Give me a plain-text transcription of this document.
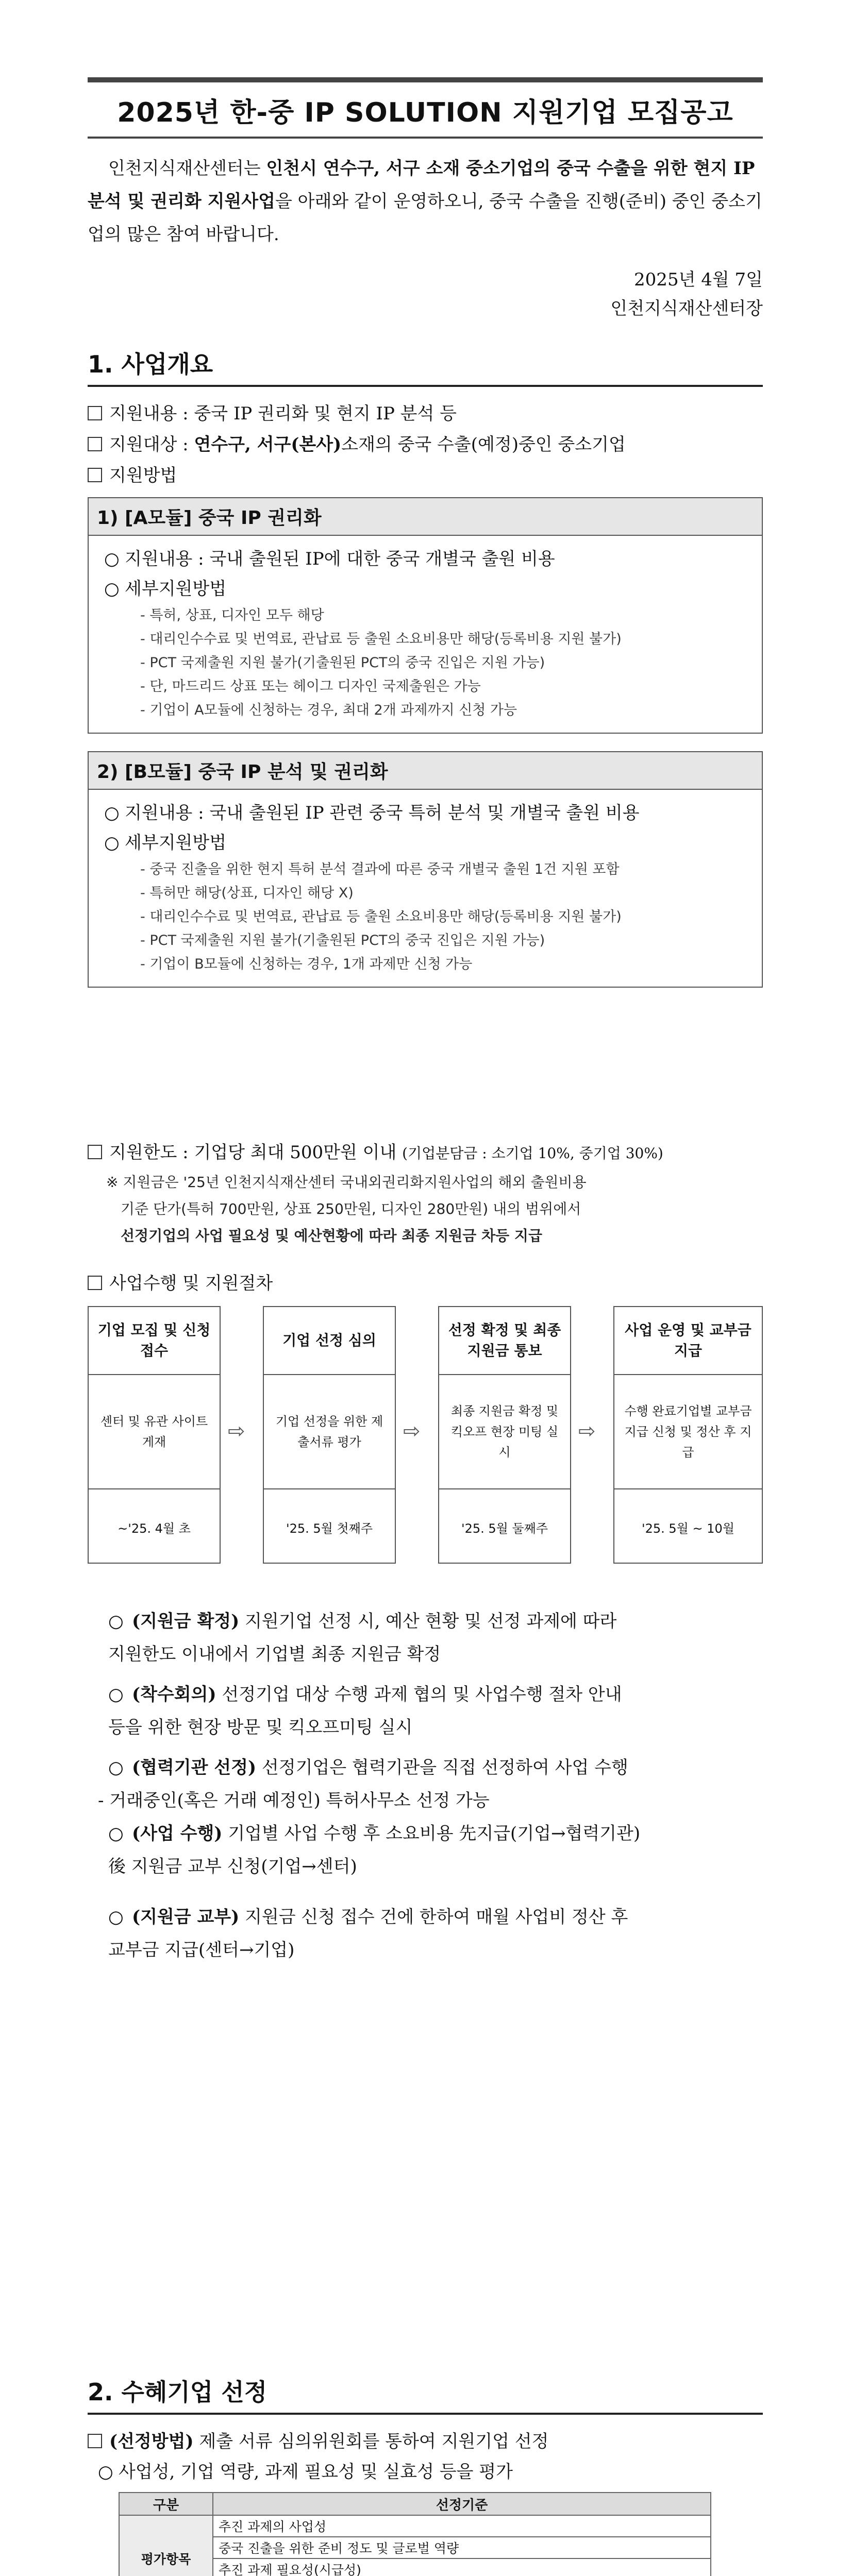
2025년 한-중 IP SOLUTION 지원기업 모집공고
인천지식재산센터는 인천시 연수구, 서구 소재 중소기업의 중국 수출을 위한 현지 IP 분석 및 권리화 지원사업을 아래와 같이 운영하오니, 중국 수출을 진행(준비) 중인 중소기업의 많은 참여 바랍니다.
2025년 4월 7일
인천지식재산센터장
1. 사업개요
지원내용 : 중국 IP 권리화 및 현지 IP 분석 등
지원대상 : 연수구, 서구(본사)소재의 중국 수출(예정)중인 중소기업
지원방법
1) [A모듈] 중국 IP 권리화
○ 지원내용 : 국내 출원된 IP에 대한 중국 개별국 출원 비용
○ 세부지원방법
- 특허, 상표, 디자인 모두 해당
- 대리인수수료 및 번역료, 관납료 등 출원 소요비용만 해당(등록비용 지원 불가)
- PCT 국제출원 지원 불가(기출원된 PCT의 중국 진입은 지원 가능)
- 단, 마드리드 상표 또는 헤이그 디자인 국제출원은 가능
- 기업이 A모듈에 신청하는 경우, 최대 2개 과제까지 신청 가능
2) [B모듈] 중국 IP 분석 및 권리화
○ 지원내용 : 국내 출원된 IP 관련 중국 특허 분석 및 개별국 출원 비용
○ 세부지원방법
- 중국 진출을 위한 현지 특허 분석 결과에 따른 중국 개별국 출원 1건 지원 포함
- 특허만 해당(상표, 디자인 해당 X)
- 대리인수수료 및 번역료, 관납료 등 출원 소요비용만 해당(등록비용 지원 불가)
- PCT 국제출원 지원 불가(기출원된 PCT의 중국 진입은 지원 가능)
- 기업이 B모듈에 신청하는 경우, 1개 과제만 신청 가능
지원한도 : 기업당 최대 500만원 이내 (기업분담금 : 소기업 10%, 중기업 30%)
※ 지원금은 '25년 인천지식재산센터 국내외권리화지원사업의 해외 출원비용
기준 단가(특허 700만원, 상표 250만원, 디자인 280만원) 내의 범위에서
선정기업의 사업 필요성 및 예산현황에 따라 최종 지원금 차등 지급
사업수행 및 지원절차
기업 모집 및 신청 접수
센터 및 유관 사이트 게재
~'25. 4월 초
⇨
기업 선정 심의
기업 선정을 위한 제출서류 평가
'25. 5월 첫째주
⇨
선정 확정 및 최종 지원금 통보
최종 지원금 확정 및 킥오프 현장 미팅 실시
'25. 5월 둘째주
⇨
사업 운영 및 교부금 지급
수행 완료기업별 교부금 지급 신청 및 정산 후 지급
'25. 5월 ~ 10월
○ (지원금 확정) 지원기업 선정 시, 예산 현황 및 선정 과제에 따라
지원한도 이내에서 기업별 최종 지원금 확정
○ (착수회의) 선정기업 대상 수행 과제 협의 및 사업수행 절차 안내
등을 위한 현장 방문 및 킥오프미팅 실시
○ (협력기관 선정) 선정기업은 협력기관을 직접 선정하여 사업 수행
- 거래중인(혹은 거래 예정인) 특허사무소 선정 가능
○ (사업 수행) 기업별 사업 수행 후 소요비용 先지급(기업→협력기관)
後 지원금 교부 신청(기업→센터)
○ (지원금 교부) 지원금 신청 접수 건에 한하여 매월 사업비 정산 후
교부금 지급(센터→기업)
2. 수혜기업 선정
(선정방법) 제출 서류 심의위원회를 통하여 지원기업 선정
○ 사업성, 기업 역량, 과제 필요성 및 실효성 등을 평가
구분	선정기준
평가항목	추진 과제의 사업성
	중국 진출을 위한 준비 정도 및 글로벌 역량
	추진 과제 필요성(시급성)
